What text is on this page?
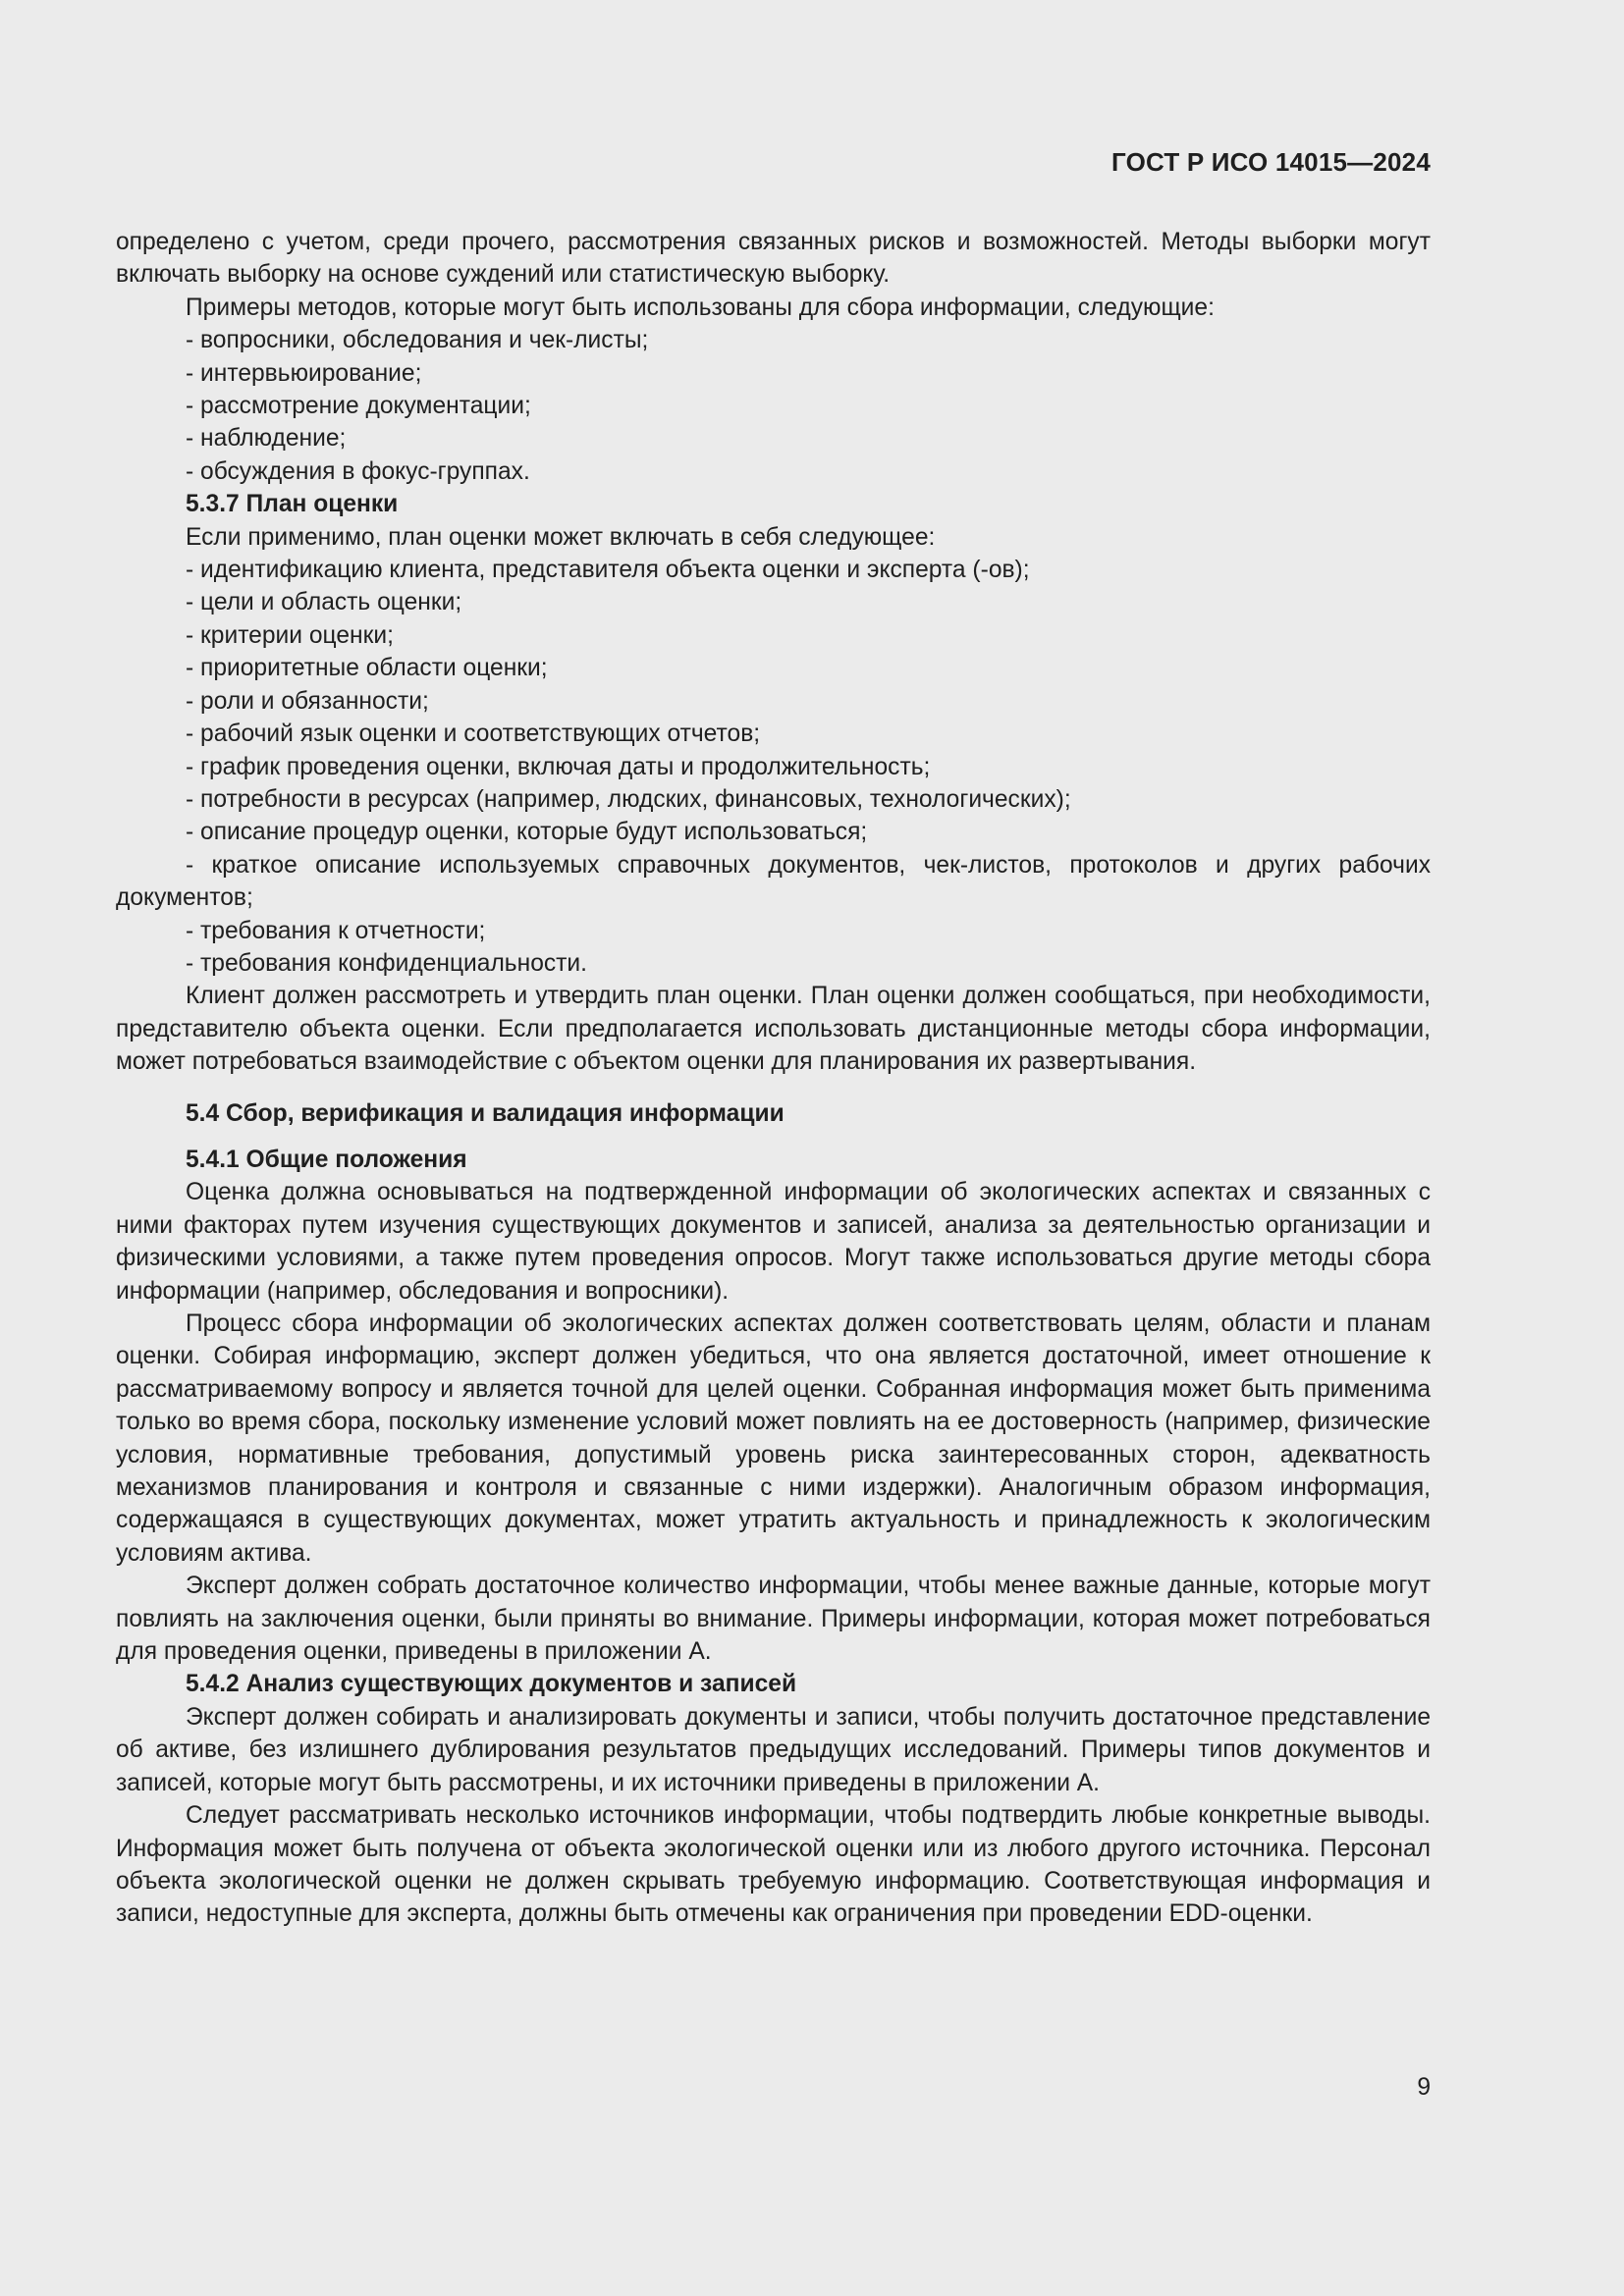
ГОСТ Р ИСО 14015—2024
определено с учетом, среди прочего, рассмотрения связанных рисков и возможностей. Методы выборки могут включать выборку на основе суждений или статистическую выборку.
Примеры методов, которые могут быть использованы для сбора информации, следующие:
- вопросники, обследования и чек-листы;
- интервьюирование;
- рассмотрение документации;
- наблюдение;
- обсуждения в фокус-группах.
5.3.7 План оценки
Если применимо, план оценки может включать в себя следующее:
- идентификацию клиента, представителя объекта оценки и эксперта (-ов);
- цели и область оценки;
- критерии оценки;
- приоритетные области оценки;
- роли и обязанности;
- рабочий язык оценки и соответствующих отчетов;
- график проведения оценки, включая даты и продолжительность;
- потребности в ресурсах (например, людских, финансовых, технологических);
- описание процедур оценки, которые будут использоваться;
- краткое описание используемых справочных документов, чек-листов, протоколов и других рабочих документов;
- требования к отчетности;
- требования конфиденциальности.
Клиент должен рассмотреть и утвердить план оценки. План оценки должен сообщаться, при необходимости, представителю объекта оценки. Если предполагается использовать дистанционные методы сбора информации, может потребоваться взаимодействие с объектом оценки для планирования их развертывания.
5.4 Сбор, верификация и валидация информации
5.4.1 Общие положения
Оценка должна основываться на подтвержденной информации об экологических аспектах и связанных с ними факторах путем изучения существующих документов и записей, анализа за деятельностью организации и физическими условиями, а также путем проведения опросов. Могут также использоваться другие методы сбора информации (например, обследования и вопросники).
Процесс сбора информации об экологических аспектах должен соответствовать целям, области и планам оценки. Собирая информацию, эксперт должен убедиться, что она является достаточной, имеет отношение к рассматриваемому вопросу и является точной для целей оценки. Собранная информация может быть применима только во время сбора, поскольку изменение условий может повлиять на ее достоверность (например, физические условия, нормативные требования, допустимый уровень риска заинтересованных сторон, адекватность механизмов планирования и контроля и связанные с ними издержки). Аналогичным образом информация, содержащаяся в существующих документах, может утратить актуальность и принадлежность к экологическим условиям актива.
Эксперт должен собрать достаточное количество информации, чтобы менее важные данные, которые могут повлиять на заключения оценки, были приняты во внимание. Примеры информации, которая может потребоваться для проведения оценки, приведены в приложении А.
5.4.2 Анализ существующих документов и записей
Эксперт должен собирать и анализировать документы и записи, чтобы получить достаточное представление об активе, без излишнего дублирования результатов предыдущих исследований. Примеры типов документов и записей, которые могут быть рассмотрены, и их источники приведены в приложении А.
Следует рассматривать несколько источников информации, чтобы подтвердить любые конкретные выводы. Информация может быть получена от объекта экологической оценки или из любого другого источника. Персонал объекта экологической оценки не должен скрывать требуемую информацию. Соответствующая информация и записи, недоступные для эксперта, должны быть отмечены как ограничения при проведении EDD-оценки.
9
